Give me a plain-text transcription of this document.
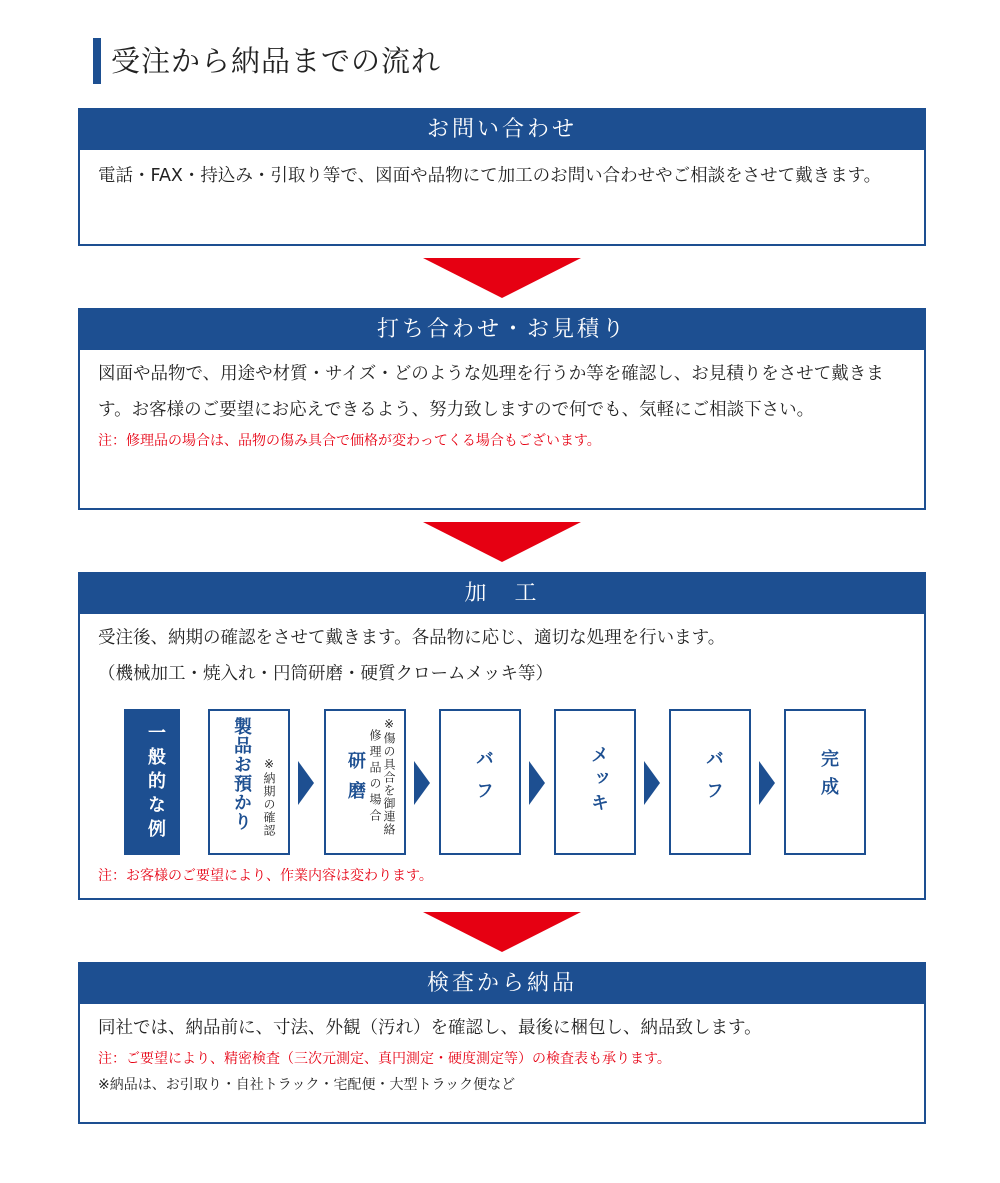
受注から納品までの流れ
お問い合わせ

電話・FAX・持込み・引取り等で、図面や品物にて加工のお問い合わせやご相談をさせて戴きます。

打ち合わせ・お見積り

図面や品物で、用途や材質・サイズ・どのような処理を行うか等を確認し、お見積りをさせて戴きます。お客様のご要望にお応えできるよう、努力致しますので何でも、気軽にご相談下さい。

注：修理品の場合は、品物の傷み具合で価格が変わってくる場合もございます。

加　工

受注後、納期の確認をさせて戴きます。各品物に応じ、適切な処理を行います。

（機械加工・焼入れ・円筒研磨・硬質クロームメッキ等）

一般的な例	製品お預かり ※納期の確認	※傷の具合を御連絡
修理品の場合
研磨	バフ	メッキ	バフ	完成

注：お客様のご要望により、作業内容は変わります。

検査から納品

同社では、納品前に、寸法、外観（汚れ）を確認し、最後に梱包し、納品致します。

注：ご要望により、精密検査（三次元測定、真円測定・硬度測定等）の検査表も承ります。

※納品は、お引取り・自社トラック・宅配便・大型トラック便など
